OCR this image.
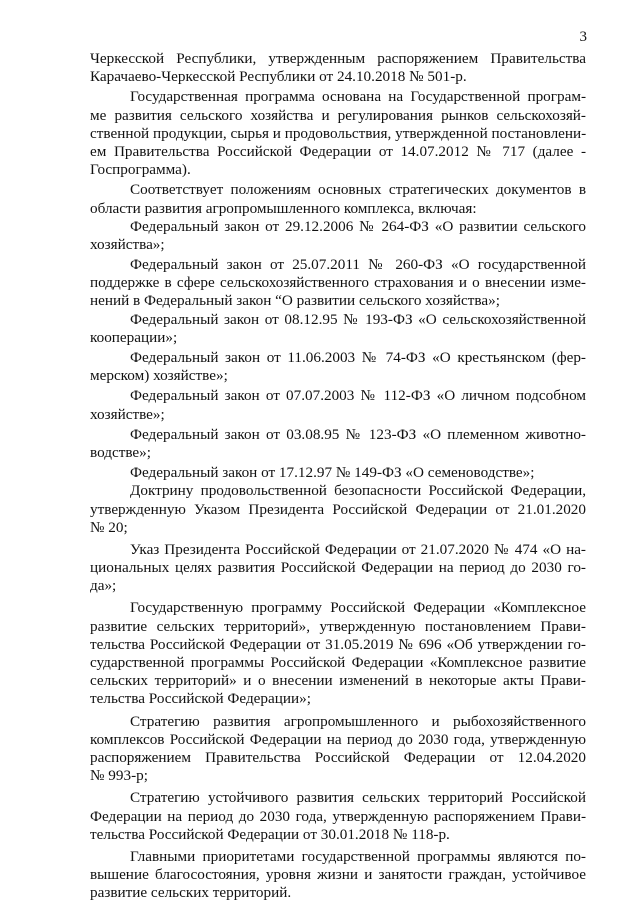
3
Черкесской Республики, утвержденным распоряжением Правительства
Карачаево-Черкесской Республики от 24.10.2018 № 501-р.
Государственная программа основана на Государственной програм-
ме развития сельского хозяйства и регулирования рынков сельскохозяй-
ственной продукции, сырья и продовольствия, утвержденной постановлени-
ем Правительства Российской Федерации от 14.07.2012 № 717 (далее -
Госпрограмма).
Соответствует положениям основных стратегических документов в
области развития агропромышленного комплекса, включая:
Федеральный закон от 29.12.2006 № 264-ФЗ «О развитии сельского
хозяйства»;
Федеральный закон от 25.07.2011 № 260-ФЗ «О государственной
поддержке в сфере сельскохозяйственного страхования и о внесении изме-
нений в Федеральный закон “О развитии сельского хозяйства»;
Федеральный закон от 08.12.95 № 193-ФЗ «О сельскохозяйственной
кооперации»;
Федеральный закон от 11.06.2003 № 74-ФЗ «О крестьянском (фер-
мерском) хозяйстве»;
Федеральный закон от 07.07.2003 № 112-ФЗ «О личном подсобном
хозяйстве»;
Федеральный закон от 03.08.95 № 123-ФЗ «О племенном животно-
водстве»;
Федеральный закон от 17.12.97 № 149-ФЗ «О семеноводстве»;
Доктрину продовольственной безопасности Российской Федерации,
утвержденную Указом Президента Российской Федерации от 21.01.2020
№ 20;
Указ Президента Российской Федерации от 21.07.2020 № 474 «О на-
циональных целях развития Российской Федерации на период до 2030 го-
да»;
Государственную программу Российской Федерации «Комплексное
развитие сельских территорий», утвержденную постановлением Прави-
тельства Российской Федерации от 31.05.2019 № 696 «Об утверждении го-
сударственной программы Российской Федерации «Комплексное развитие
сельских территорий» и о внесении изменений в некоторые акты Прави-
тельства Российской Федерации»;
Стратегию развития агропромышленного и рыбохозяйственного
комплексов Российской Федерации на период до 2030 года, утвержденную
распоряжением Правительства Российской Федерации от 12.04.2020
№ 993-р;
Стратегию устойчивого развития сельских территорий Российской
Федерации на период до 2030 года, утвержденную распоряжением Прави-
тельства Российской Федерации от 30.01.2018 № 118-р.
Главными приоритетами государственной программы являются по-
вышение благосостояния, уровня жизни и занятости граждан, устойчивое
развитие сельских территорий.
